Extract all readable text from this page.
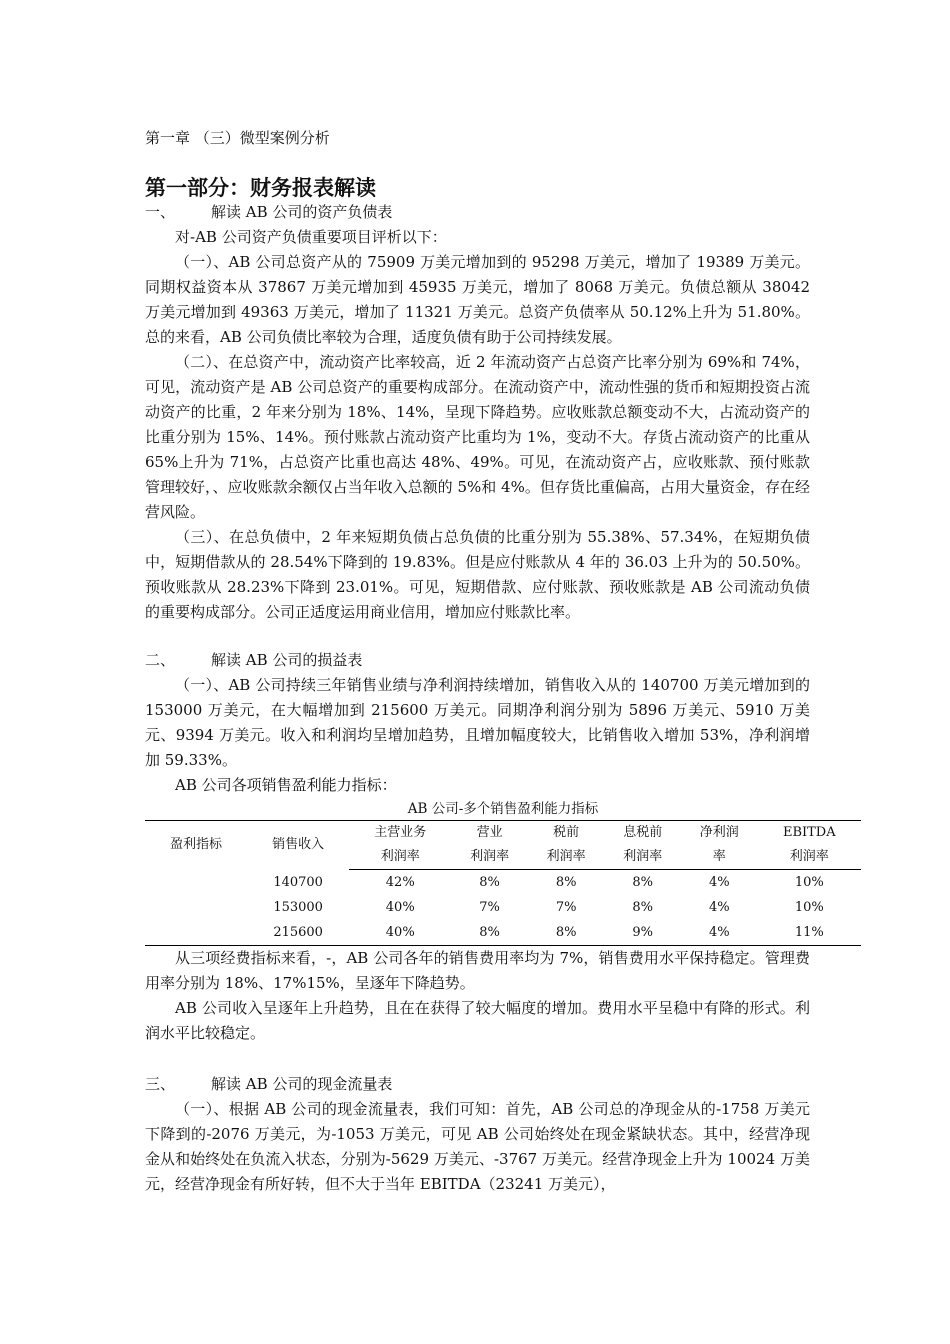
第一章 （三）微型案例分析
第一部分：财务报表解读
一、	解读 AB 公司的资产负债表

对-AB 公司资产负债重要项目评析以下：

（一）、AB 公司总资产从的 75909 万美元增加到的 95298 万美元，增加了 19389 万美元。同期权益资本从 37867 万美元增加到 45935 万美元，增加了 8068 万美元。负债总额从 38042 万美元增加到 49363 万美元，增加了 11321 万美元。总资产负债率从 50.12%上升为 51.80%。总的来看，AB 公司负债比率较为合理，适度负债有助于公司持续发展。

（二）、在总资产中，流动资产比率较高，近 2 年流动资产占总资产比率分别为 69%和 74%，可见，流动资产是 AB 公司总资产的重要构成部分。在流动资产中，流动性强的货币和短期投资占流动资产的比重，2 年来分别为 18%、14%，呈现下降趋势。应收账款总额变动不大，占流动资产的比重分别为 15%、14%。预付账款占流动资产比重均为 1%，变动不大。存货占流动资产的比重从 65%上升为 71%，占总资产比重也高达 48%、49%。可见，在流动资产占，应收账款、预付账款管理较好，、应收账款余额仅占当年收入总额的 5%和 4%。但存货比重偏高，占用大量资金，存在经营风险。

（三）、在总负债中，2 年来短期负债占总负债的比重分别为 55.38%、57.34%，在短期负债中，短期借款从的 28.54%下降到的 19.83%。但是应付账款从 4 年的 36.03 上升为的 50.50%。预收账款从 28.23%下降到 23.01%。可见，短期借款、应付账款、预收账款是 AB 公司流动负债的重要构成部分。公司正适度运用商业信用，增加应付账款比率。

二、	解读 AB 公司的损益表

（一）、AB 公司持续三年销售业绩与净利润持续增加，销售收入从的 140700 万美元增加到的 153000 万美元，在大幅增加到 215600 万美元。同期净利润分别为 5896 万美元、5910 万美元、9394 万美元。收入和利润均呈增加趋势，且增加幅度较大，比销售收入增加 53%，净利润增加 59.33%。

AB 公司各项销售盈利能力指标：

AB 公司-多个销售盈利能力指标
盈利指标	销售收入	主营业务	营业	税前	息税前	净利润	EBITDA
		利润率	利润率	利润率	利润率	率	利润率
	140700	42%	8%	8%	8%	4%	10%
	153000	40%	7%	7%	8%	4%	10%
	215600	40%	8%	8%	9%	4%	11%

从三项经费指标来看，-，AB 公司各年的销售费用率均为 7%，销售费用水平保持稳定。管理费用率分别为 18%、17%15%，呈逐年下降趋势。

AB 公司收入呈逐年上升趋势，且在在获得了较大幅度的增加。费用水平呈稳中有降的形式。利润水平比较稳定。

三、	解读 AB 公司的现金流量表

（一）、根据 AB 公司的现金流量表，我们可知：首先，AB 公司总的净现金从的-1758 万美元下降到的-2076 万美元，为-1053 万美元，可见 AB 公司始终处在现金紧缺状态。其中，经营净现金从和始终处在负流入状态，分别为-5629 万美元、-3767 万美元。经营净现金上升为 10024 万美元，经营净现金有所好转，但不大于当年 EBITDA（23241 万美元），
